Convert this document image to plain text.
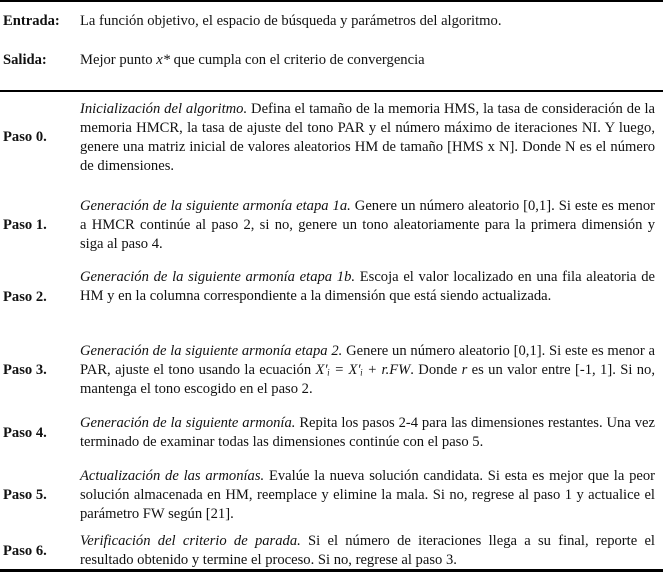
Entrada: La función objetivo, el espacio de búsqueda y parámetros del algoritmo.
Salida: Mejor punto x* que cumpla con el criterio de convergencia
Paso 0.
Inicialización del algoritmo. Defina el tamaño de la memoria HMS, la tasa de consideración de la memoria HMCR, la tasa de ajuste del tono PAR y el número máximo de iteraciones NI. Y luego, genere una matriz inicial de valores aleatorios HM de tamaño [HMS x N]. Donde N es el número de dimensiones.
Paso 1.
Generación de la siguiente armonía etapa 1a. Genere un número aleatorio [0,1]. Si este es menor a HMCR continúe al paso 2, si no, genere un tono aleatoriamente para la primera dimensión y siga al paso 4.
Paso 2.
Generación de la siguiente armonía etapa 1b. Escoja el valor localizado en una fila aleatoria de HM y en la columna correspondiente a la dimensión que está siendo actualizada.
Paso 3.
Generación de la siguiente armonía etapa 2. Genere un número aleatorio [0,1]. Si este es menor a PAR, ajuste el tono usando la ecuación X′ᵢ = X′ᵢ + r.FW. Donde r es un valor entre [-1, 1]. Si no, mantenga el tono escogido en el paso 2.
Paso 4.
Generación de la siguiente armonía. Repita los pasos 2-4 para las dimensiones restantes. Una vez terminado de examinar todas las dimensiones continúe con el paso 5.
Paso 5.
Actualización de las armonías. Evalúe la nueva solución candidata. Si esta es mejor que la peor solución almacenada en HM, reemplace y elimine la mala. Si no, regrese al paso 1 y actualice el parámetro FW según [21].
Paso 6.
Verificación del criterio de parada. Si el número de iteraciones llega a su final, reporte el resultado obtenido y termine el proceso. Si no, regrese al paso 3.
